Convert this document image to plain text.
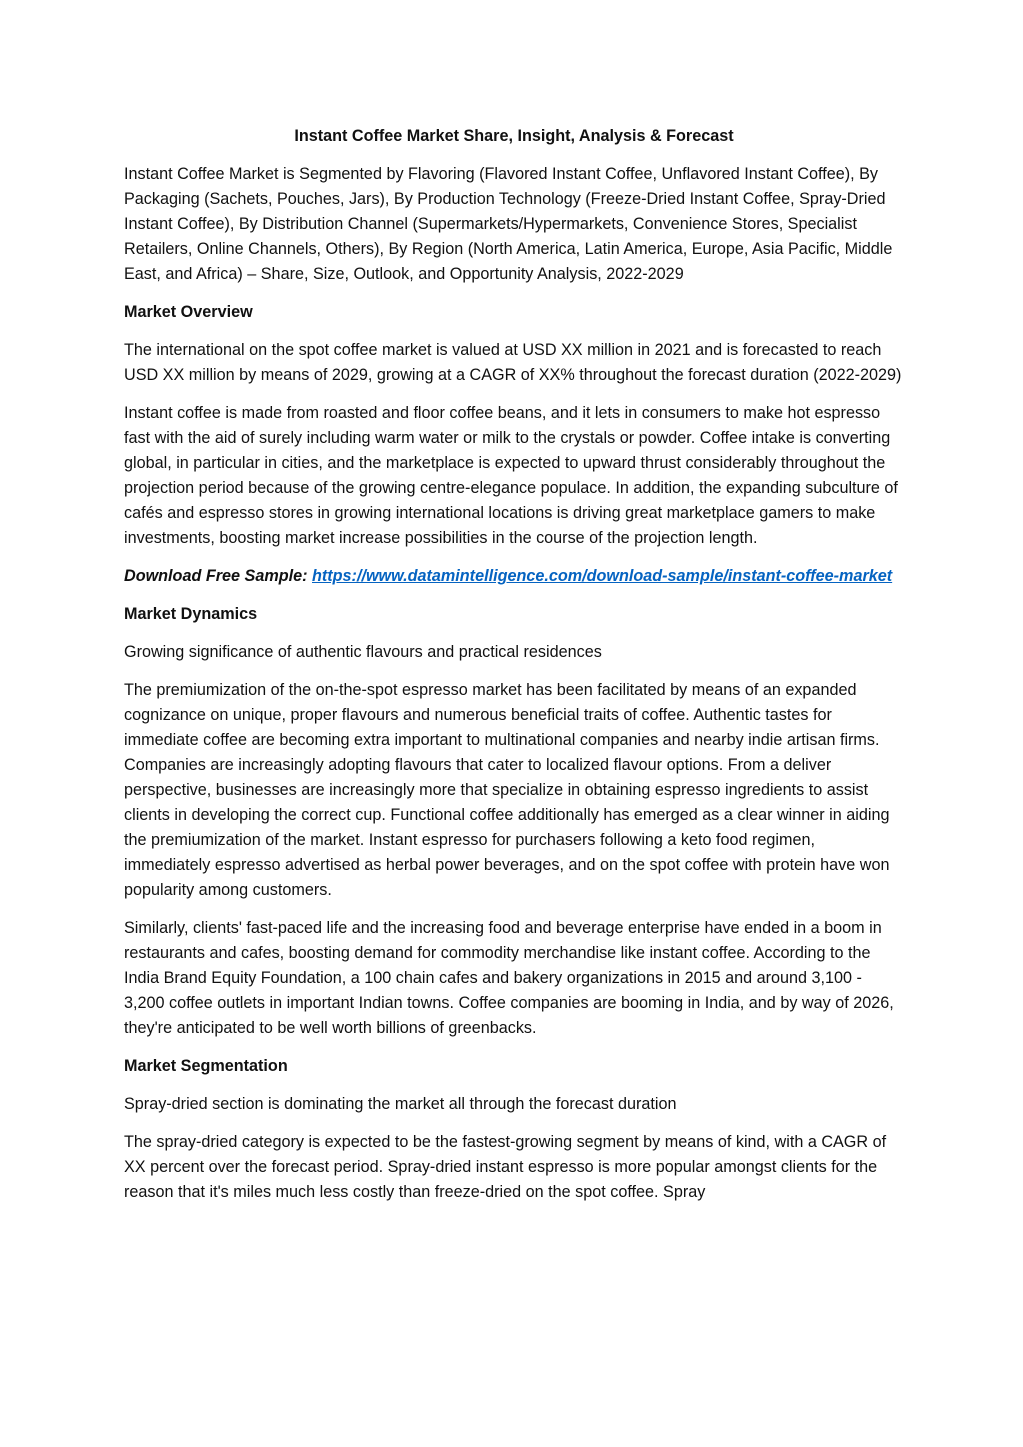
Instant Coffee Market Share, Insight, Analysis & Forecast

Instant Coffee Market is Segmented by Flavoring (Flavored Instant Coffee, Unflavored Instant Coffee), By Packaging (Sachets, Pouches, Jars), By Production Technology (Freeze-Dried Instant Coffee, Spray-Dried Instant Coffee), By Distribution Channel (Supermarkets/Hypermarkets, Convenience Stores, Specialist Retailers, Online Channels, Others), By Region (North America, Latin America, Europe, Asia Pacific, Middle East, and Africa) – Share, Size, Outlook, and Opportunity Analysis, 2022-2029

Market Overview

The international on the spot coffee market is valued at USD XX million in 2021 and is forecasted to reach USD XX million by means of 2029, growing at a CAGR of XX% throughout the forecast duration (2022-2029)

Instant coffee is made from roasted and floor coffee beans, and it lets in consumers to make hot espresso fast with the aid of surely including warm water or milk to the crystals or powder. Coffee intake is converting global, in particular in cities, and the marketplace is expected to upward thrust considerably throughout the projection period because of the growing centre-elegance populace. In addition, the expanding subculture of cafés and espresso stores in growing international locations is driving great marketplace gamers to make investments, boosting market increase possibilities in the course of the projection length.

Download Free Sample: https://www.datamintelligence.com/download-sample/instant-coffee-market

Market Dynamics

Growing significance of authentic flavours and practical residences

The premiumization of the on-the-spot espresso market has been facilitated by means of an expanded cognizance on unique, proper flavours and numerous beneficial traits of coffee. Authentic tastes for immediate coffee are becoming extra important to multinational companies and nearby indie artisan firms. Companies are increasingly adopting flavours that cater to localized flavour options. From a deliver perspective, businesses are increasingly more that specialize in obtaining espresso ingredients to assist clients in developing the correct cup. Functional coffee additionally has emerged as a clear winner in aiding the premiumization of the market. Instant espresso for purchasers following a keto food regimen, immediately espresso advertised as herbal power beverages, and on the spot coffee with protein have won popularity among customers.

Similarly, clients' fast-paced life and the increasing food and beverage enterprise have ended in a boom in restaurants and cafes, boosting demand for commodity merchandise like instant coffee. According to the India Brand Equity Foundation, a 100 chain cafes and bakery organizations in 2015 and around 3,100 - 3,200 coffee outlets in important Indian towns. Coffee companies are booming in India, and by way of 2026, they're anticipated to be well worth billions of greenbacks.

Market Segmentation

Spray-dried section is dominating the market all through the forecast duration

The spray-dried category is expected to be the fastest-growing segment by means of kind, with a CAGR of XX percent over the forecast period. Spray-dried instant espresso is more popular amongst clients for the reason that it's miles much less costly than freeze-dried on the spot coffee. Spray
